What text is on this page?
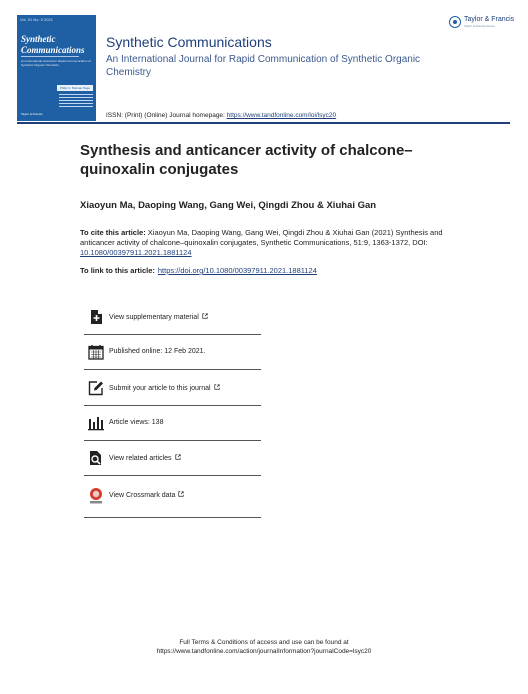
Vol. 51 No. 9 2021
Synthetic
Communications
An International Journal for Rapid Communication of Synthetic Organic Chemistry
Philip C. Bulman Page
Taylor & Francis
Synthetic Communications
An International Journal for Rapid Communication of Synthetic Organic Chemistry
ISSN: (Print) (Online) Journal homepage: https://www.tandfonline.com/loi/lsyc20
Taylor & Francis
Taylor & Francis Group
Synthesis and anticancer activity of chalcone–quinoxalin conjugates
Xiaoyun Ma, Daoping Wang, Gang Wei, Qingdi Zhou & Xiuhai Gan
To cite this article: Xiaoyun Ma, Daoping Wang, Gang Wei, Qingdi Zhou & Xiuhai Gan (2021) Synthesis and anticancer activity of chalcone–quinoxalin conjugates, Synthetic Communications, 51:9, 1363-1372, DOI: 10.1080/00397911.2021.1881124
To link to this article: https://doi.org/10.1080/00397911.2021.1881124
View supplementary material
Published online: 12 Feb 2021.
Submit your article to this journal
Article views: 138
View related articles
View Crossmark data
Full Terms & Conditions of access and use can be found at
https://www.tandfonline.com/action/journalInformation?journalCode=lsyc20
